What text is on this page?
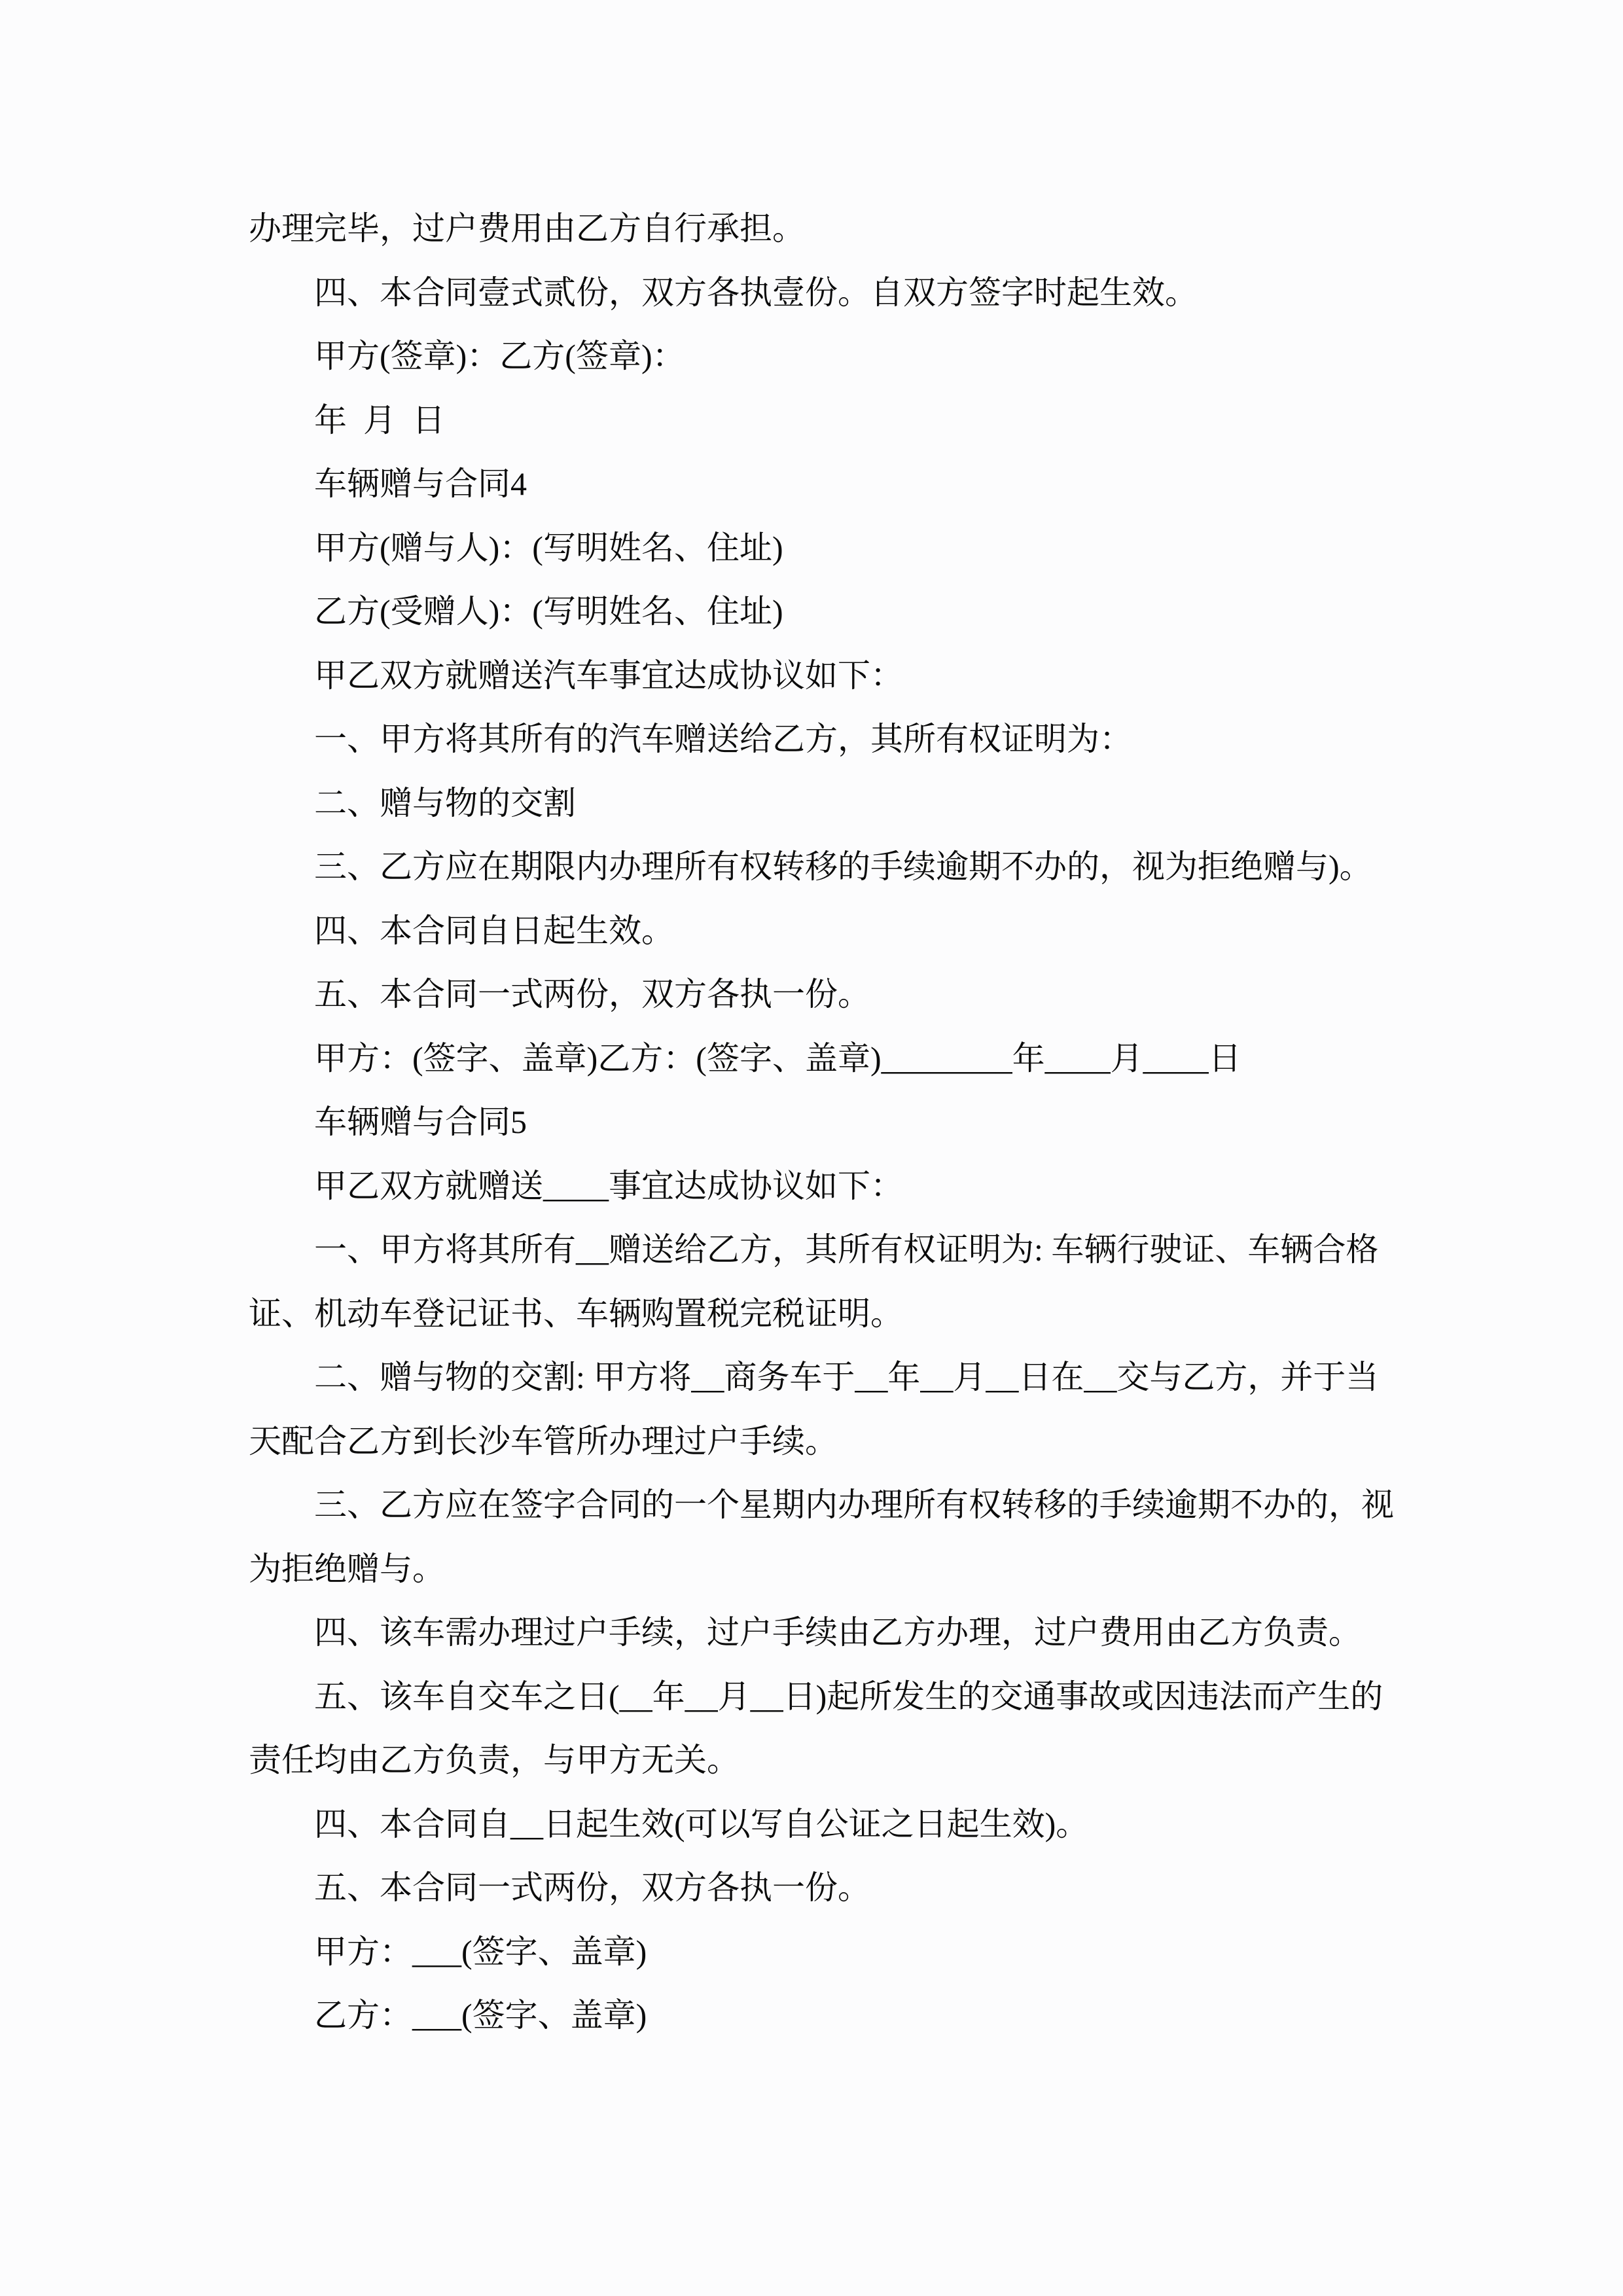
办理完毕，过户费用由乙方自行承担。
四、本合同壹式贰份，双方各执壹份。自双方签字时起生效。
甲方(签章)：乙方(签章)：
年  月  日
车辆赠与合同4
甲方(赠与人)：(写明姓名、住址)
乙方(受赠人)：(写明姓名、住址)
甲乙双方就赠送汽车事宜达成协议如下：
一、甲方将其所有的汽车赠送给乙方，其所有权证明为：
二、赠与物的交割
三、乙方应在期限内办理所有权转移的手续逾期不办的，视为拒绝赠与)。
四、本合同自日起生效。
五、本合同一式两份，双方各执一份。
甲方：(签字、盖章)乙方：(签字、盖章)________年____月____日
车辆赠与合同5
甲乙双方就赠送____事宜达成协议如下：
一、甲方将其所有__赠送给乙方，其所有权证明为: 车辆行驶证、车辆合格
证、机动车登记证书、车辆购置税完税证明。
二、赠与物的交割: 甲方将__商务车于__年__月__日在__交与乙方，并于当
天配合乙方到长沙车管所办理过户手续。
三、乙方应在签字合同的一个星期内办理所有权转移的手续逾期不办的，视
为拒绝赠与。
四、该车需办理过户手续，过户手续由乙方办理，过户费用由乙方负责。
五、该车自交车之日(__年__月__日)起所发生的交通事故或因违法而产生的
责任均由乙方负责，与甲方无关。
四、本合同自__日起生效(可以写自公证之日起生效)。
五、本合同一式两份，双方各执一份。
甲方：___(签字、盖章)
乙方：___(签字、盖章)
